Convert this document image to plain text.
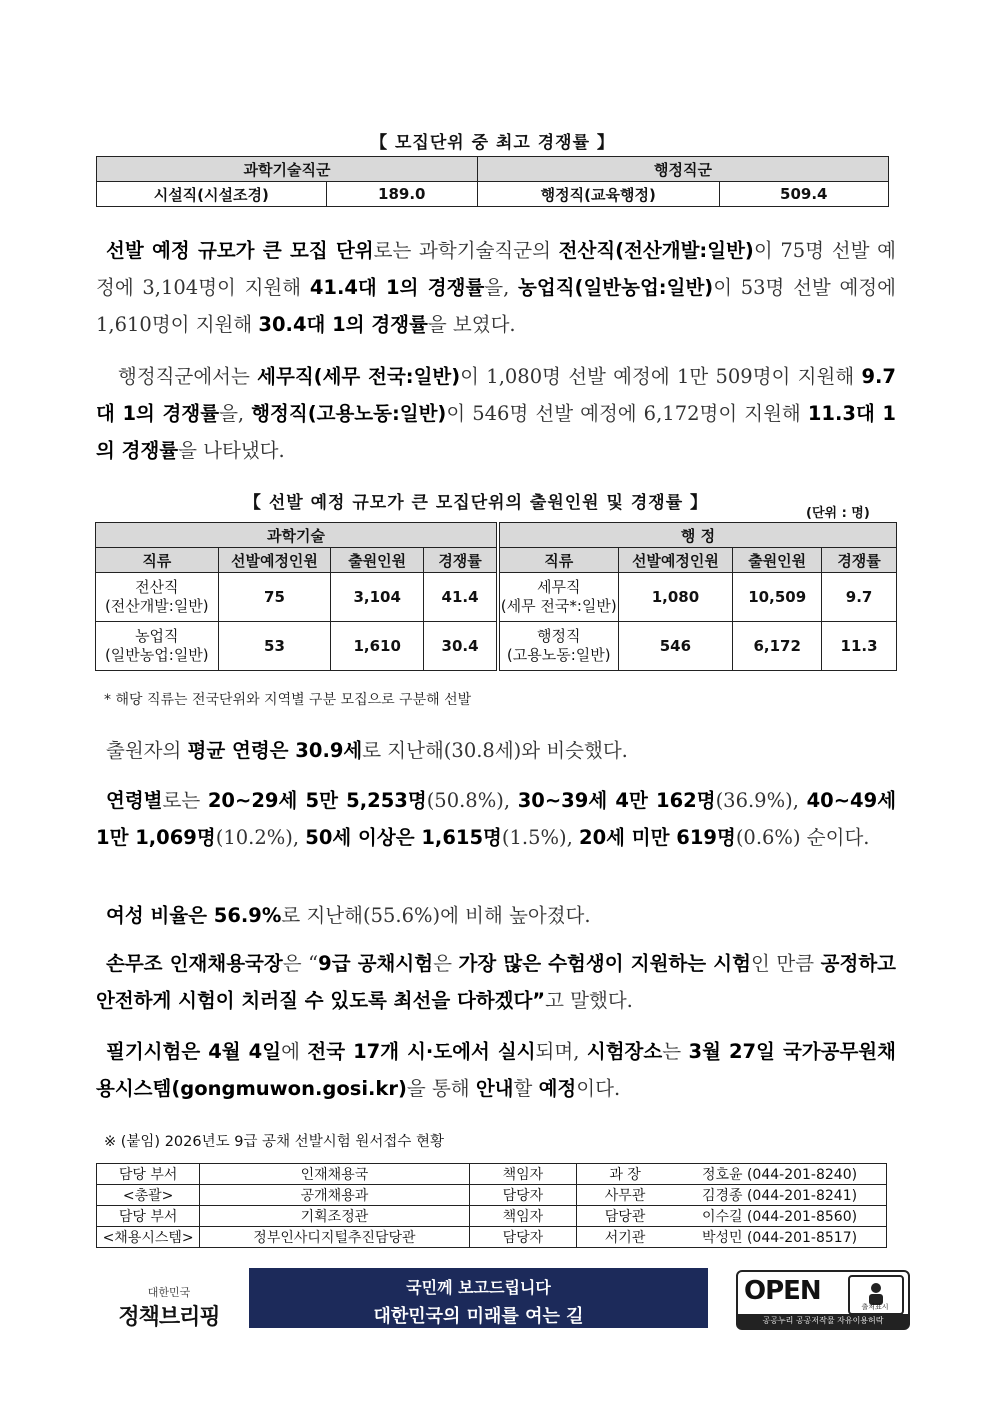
【 모집단위 중 최고 경쟁률 】
과학기술직군		행정직군	
시설직(시설조경)	189.0	행정직(교육행정)	509.4
선발 예정 규모가 큰 모집 단위로는 과학기술직군의 전산직(전산개발:일반)이 75명 선발 예정에 3,104명이 지원해 41.4대 1의 경쟁률을, 농업직(일반농업:일반)이 53명 선발 예정에 1,610명이 지원해 30.4대 1의 경쟁률을 보였다.
행정직군에서는 세무직(세무 전국:일반)이 1,080명 선발 예정에 1만 509명이 지원해 9.7대 1의 경쟁률을, 행정직(고용노동:일반)이 546명 선발 예정에 6,172명이 지원해 11.3대 1의 경쟁률을 나타냈다.
【 선발 예정 규모가 큰 모집단위의 출원인원 및 경쟁률 】
(단위 : 명)
과학기술			
직류	선발예정인원	출원인원	경쟁률

전산직
(전산개발:일반)	75	3,104	41.4

농업직
(일반농업:일반)	53	1,610	30.4
행 정			
직류	선발예정인원	출원인원	경쟁률

세무직
(세무 전국*:일반)	1,080	10,509	9.7

행정직
(고용노동:일반)	546	6,172	11.3
* 해당 직류는 전국단위와 지역별 구분 모집으로 구분해 선발
출원자의 평균 연령은 30.9세로 지난해(30.8세)와 비슷했다.
연령별로는 20~29세 5만 5,253명(50.8%), 30~39세 4만 162명(36.9%), 40~49세 1만 1,069명(10.2%), 50세 이상은 1,615명(1.5%), 20세 미만 619명(0.6%) 순이다.
여성 비율은 56.9%로 지난해(55.6%)에 비해 높아졌다.
손무조 인재채용국장은 “9급 공채시험은 가장 많은 수험생이 지원하는 시험인 만큼 공정하고 안전하게 시험이 치러질 수 있도록 최선을 다하겠다”고 말했다.
필기시험은 4월 4일에 전국 17개 시·도에서 실시되며, 시험장소는 3월 27일 국가공무원채용시스템(gongmuwon.gosi.kr)을 통해 안내할 예정이다.
※ (붙임) 2026년도 9급 공채 선발시험 원서접수 현황
담당 부서	인재채용국	책임자	과 장	정호윤 (044-201-8240)
<총괄>	공개채용과	담당자	사무관	김경종 (044-201-8241)
담당 부서	기획조정관	책임자	담당관	이수길 (044-201-8560)
<채용시스템>	정부인사디지털추진담당관	담당자	서기관	박성민 (044-201-8517)
대한민국
정책브리핑
국민께 보고드립니다
대한민국의 미래를 여는 길
OPEN
출처표시
공공누리 공공저작물 자유이용허락
